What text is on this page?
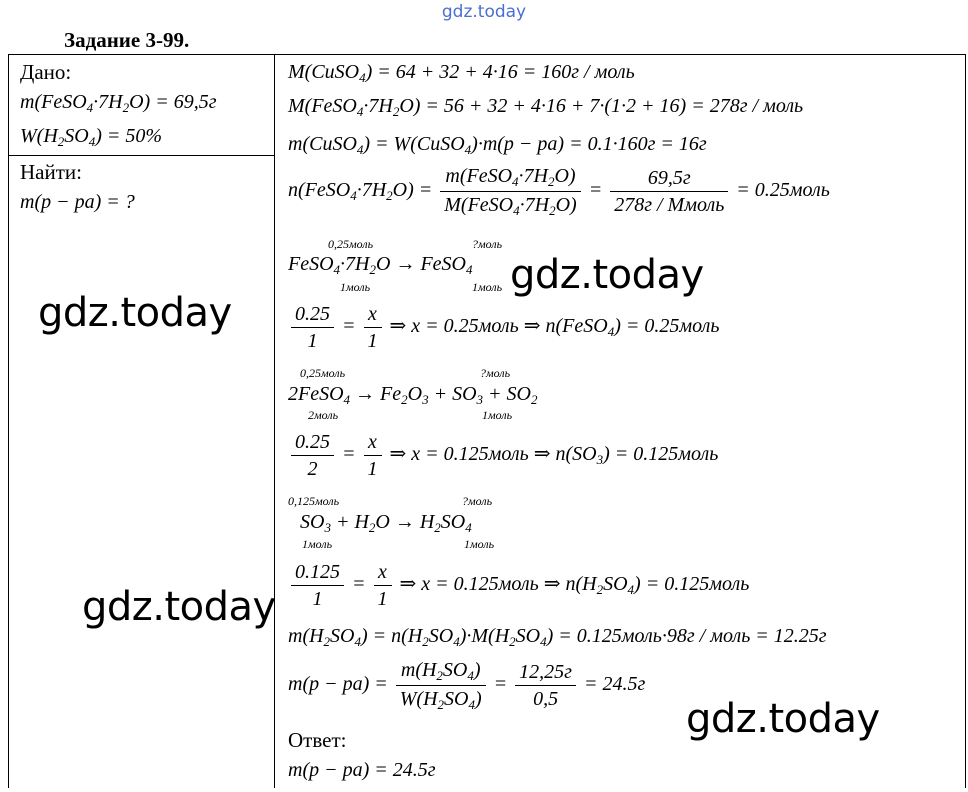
gdz.today
Задание 3-99.
Дано:
$m(FeSO_4\cdot 7H_2O) = 69,5г$
$W(H_2SO_4) = 50\%$
Найти:
m(p − pa) = ?
M(CuSO$_4$) = 64 + 32 + 4·16 = 160г / моль
$M(FeSO_4\cdot 7H_2O) = 56 + 32 + 4\cdot 16 + 7\cdot(1\cdot 2 + 16) = 278г$ / моль
m(CuSO$_4$) = W(CuSO$_4$)·m(p − pa) = 0.1·160г = 16г
$n(FeSO_4\cdot 7H_2O) = \frac{m(FeSO_4\cdot 7H_2O)}{M(FeSO_4\cdot 7H_2O)} = \frac{69,5г}{\text{278г / Ммоль}}$ = 0.25моль
0,25моль	?моль
$FeSO_4\cdot 7H_2O$ → FeSO$_4$
1моль	1моль
$\frac{0.25}{1} = \frac{x}{1}$ ⇒ x = 0.25моль ⇒ n(FeSO$_4$) = 0.25моль
0,25моль	?моль
2FeSO$_4$ → $Fe_2O_3 + SO_3 + SO_2$
2моль	1моль
$\frac{0.25}{2} = \frac{x}{1}$ ⇒ x = 0.125моль ⇒ $n(SO_3)$ = 0.125моль
0,125моль	?моль
$SO_3 + H_2O \to H_2SO_4$
1моль	1моль
$\frac{0.125}{1} = \frac{x}{1}$ ⇒ x = 0.125моль ⇒ $n(H_2SO_4)$ = 0.125моль
$m(H_2SO_4) = n(H_2SO_4)\cdot M(H_2SO_4)$ = 0.125моль·98г / моль = 12.25г
$m(p - pa) = \frac{m(H_2SO_4)}{W(H_2SO_4)} = \frac{12,25г}{0,5} = 24.5г$
Ответ:
m(p − pa) = 24.5г
gdz.today
gdz.today
gdz.today
gdz.today
